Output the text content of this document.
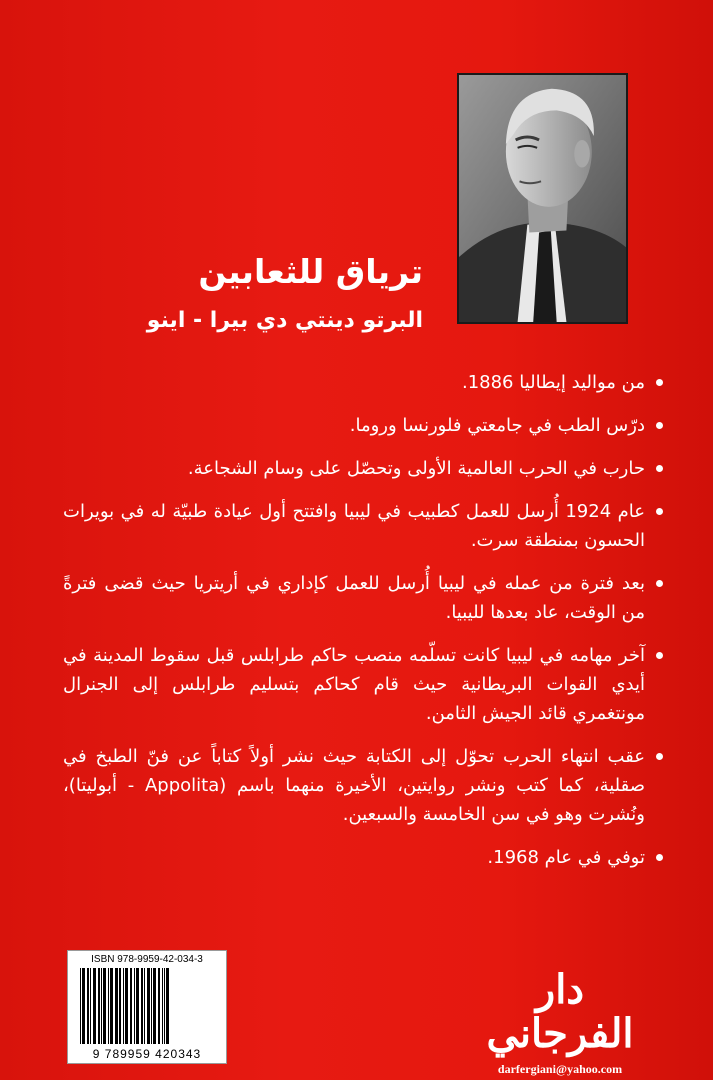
ترياق للثعابين
البرتو دينتي دي بيرا - اينو
من مواليد إيطاليا 1886.
درّس الطب في جامعتي فلورنسا وروما.
حارب في الحرب العالمية الأولى وتحصّل على وسام الشجاعة.
عام 1924 أُرسل للعمل كطبيب في ليبيا وافتتح أول عيادة طبيّة له في بويرات الحسون بمنطقة سرت.
بعد فترة من عمله في ليبيا أُرسل للعمل كإداري في أريتريا حيث قضى فترةً من الوقت، عاد بعدها لليبيا.
آخر مهامه في ليبيا كانت تسلّمه منصب حاكم طرابلس قبل سقوط المدينة في أيدي القوات البريطانية حيث قام كحاكم بتسليم طرابلس إلى الجنرال مونتغمري قائد الجيش الثامن.
عقب انتهاء الحرب تحوّل إلى الكتابة حيث نشر أولاً كتاباً عن فنّ الطبخ في صقلية، كما كتب ونشر روايتين، الأخيرة منهما باسم (Appolita - أبوليتا)، ونُشرت وهو في سن الخامسة والسبعين.
توفي في عام 1968.
ISBN 978-9959-42-034-3
9 789959 420343
دار الفرجاني
darfergiani@yahoo.com
